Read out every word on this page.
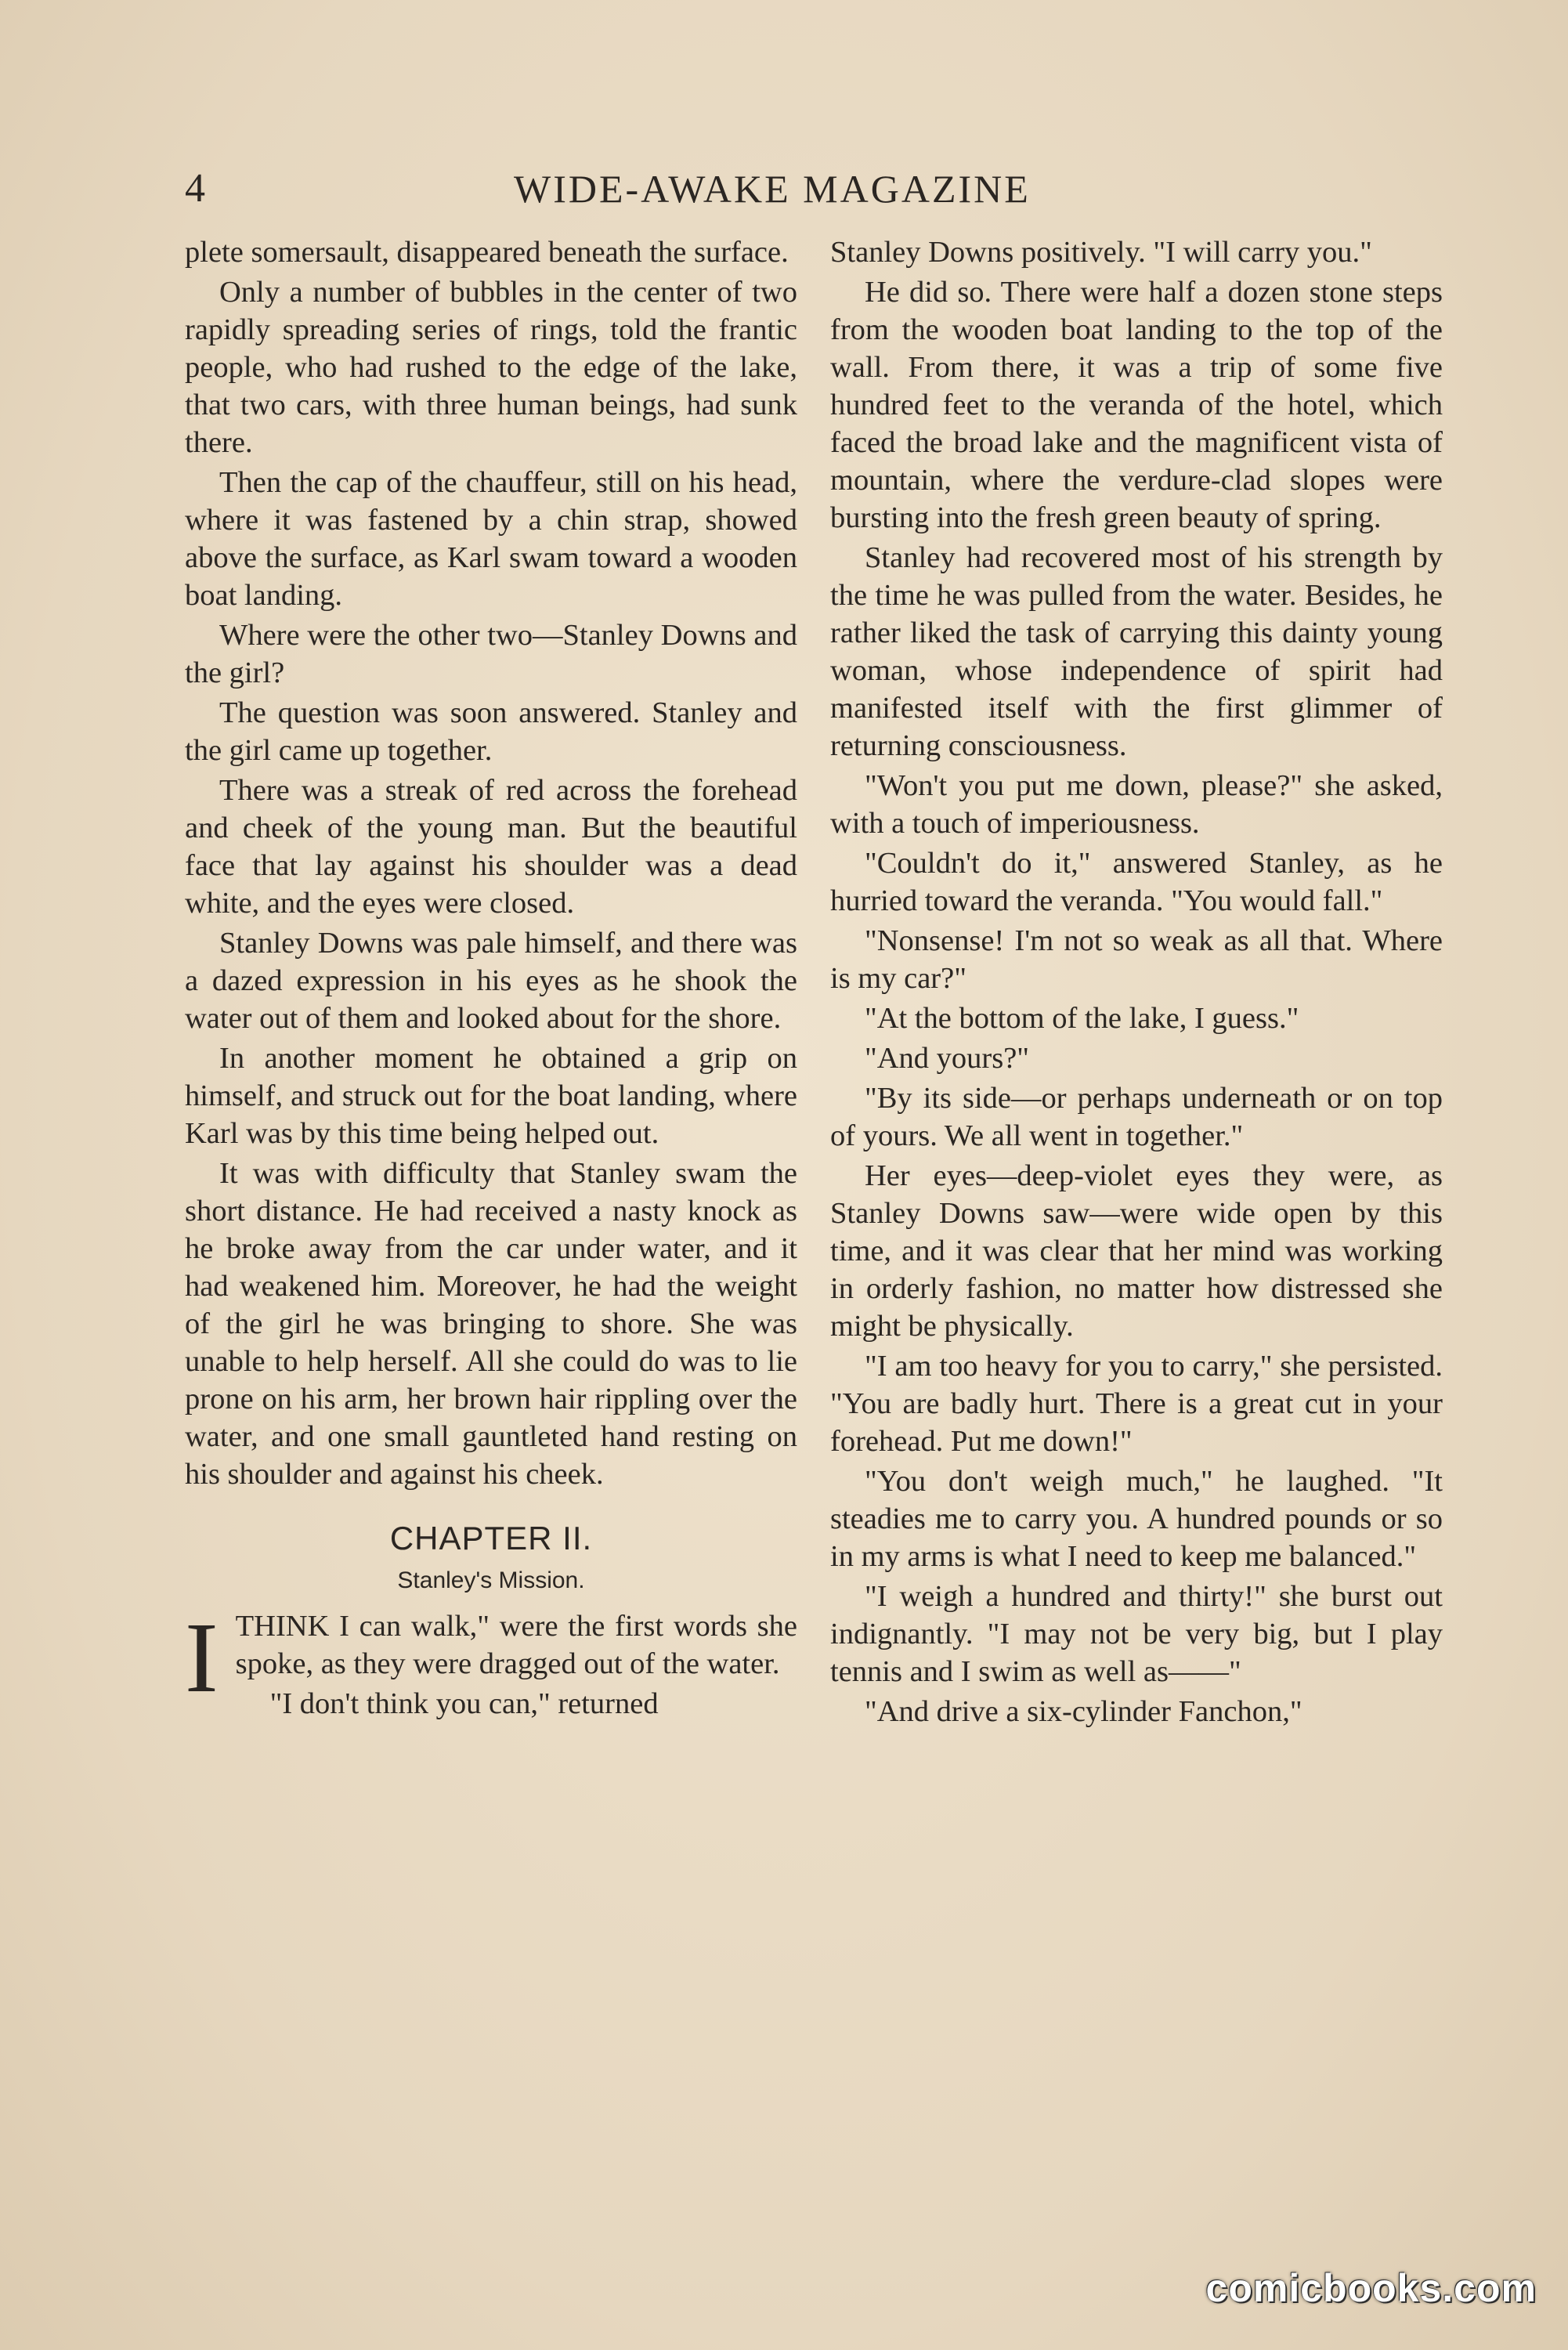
4	WIDE-AWAKE MAGAZINE

plete somersault, disappeared beneath the surface.

Only a number of bubbles in the center of two rapidly spreading series of rings, told the frantic people, who had rushed to the edge of the lake, that two cars, with three human beings, had sunk there.

Then the cap of the chauffeur, still on his head, where it was fastened by a chin strap, showed above the surface, as Karl swam toward a wooden boat landing.

Where were the other two—Stanley Downs and the girl?

The question was soon answered. Stanley and the girl came up together.

There was a streak of red across the forehead and cheek of the young man. But the beautiful face that lay against his shoulder was a dead white, and the eyes were closed.

Stanley Downs was pale himself, and there was a dazed expression in his eyes as he shook the water out of them and looked about for the shore.

In another moment he obtained a grip on himself, and struck out for the boat landing, where Karl was by this time being helped out.

It was with difficulty that Stanley swam the short distance. He had received a nasty knock as he broke away from the car under water, and it had weakened him. Moreover, he had the weight of the girl he was bringing to shore. She was unable to help herself. All she could do was to lie prone on his arm, her brown hair rippling over the water, and one small gauntleted hand resting on his shoulder and against his cheek.

CHAPTER II.
Stanley's Mission.

I THINK I can walk," were the first words she spoke, as they were dragged out of the water.

"I don't think you can," returned

Stanley Downs positively. "I will carry you."

He did so. There were half a dozen stone steps from the wooden boat landing to the top of the wall. From there, it was a trip of some five hundred feet to the veranda of the hotel, which faced the broad lake and the magnificent vista of mountain, where the verdure-clad slopes were bursting into the fresh green beauty of spring.

Stanley had recovered most of his strength by the time he was pulled from the water. Besides, he rather liked the task of carrying this dainty young woman, whose independence of spirit had manifested itself with the first glimmer of returning consciousness.

"Won't you put me down, please?" she asked, with a touch of imperiousness.

"Couldn't do it," answered Stanley, as he hurried toward the veranda. "You would fall."

"Nonsense! I'm not so weak as all that. Where is my car?"

"At the bottom of the lake, I guess."

"And yours?"

"By its side—or perhaps underneath or on top of yours. We all went in together."

Her eyes—deep-violet eyes they were, as Stanley Downs saw—were wide open by this time, and it was clear that her mind was working in orderly fashion, no matter how distressed she might be physically.

"I am too heavy for you to carry," she persisted. "You are badly hurt. There is a great cut in your forehead. Put me down!"

"You don't weigh much," he laughed. "It steadies me to carry you. A hundred pounds or so in my arms is what I need to keep me balanced."

"I weigh a hundred and thirty!" she burst out indignantly. "I may not be very big, but I play tennis and I swim as well as——"

"And drive a six-cylinder Fanchon,"

comicbooks.com
